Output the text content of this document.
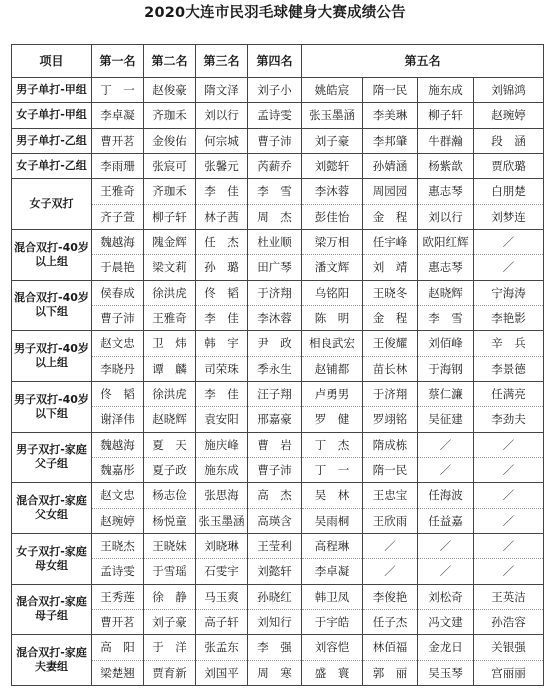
2020大连市民羽毛球健身大赛成绩公告
项目	第一名	第二名	第三名	第四名	第五名			
男子单打-甲组	丁　一	赵俊豪	隋文泽	刘子小	姚皓宸	隋一民	施东成	刘锦鸿
女子单打-甲组	李卓凝	齐珈禾	刘以行	孟诗雯	张玉墨涵	李美琳	柳子轩	赵琬婷
男子单打-乙组	曹开茗	金俊佑	何宗城	曹子沛	刘子豪	李邦肇	牛群瀚	段　涵
女子单打-乙组	李雨珊	张宸可	张馨元	芮薪乔	刘懿轩	孙婧涵	杨紫歆	贾欣璐
女子双打	王雅奇	齐珈禾	李　佳	李　雪	李沐蓉	周园园	惠志琴	白朋楚
	齐子萱	柳子轩	林子茜	周　杰	彭佳怡	金　程	刘以行	刘梦连
混合双打-40岁以上组	魏越海	隗金辉	任　杰	杜业顺	梁万相	任宇峰	欧阳红辉	／
	于晨艳	梁文莉	孙　璐	田广琴	潘文辉	刘　靖	惠志琴	／
混合双打-40岁以下组	侯春成	徐洪虎	佟　韬	于济翔	乌铭阳	王晓冬	赵晓辉	宁海涛
	曹子沛	王雅奇	李　佳	李沐蓉	陈　明	金　程	李　雪	李艳影
男子双打-40岁以上组	赵文忠	卫　炜	韩　宇	尹　政	相良武宏	王俊耀	刘佰峰	辛　兵
	李晓丹	谭　麟	司荣珠	季永生	赵铺都	苗长林	于海钢	李景德
男子双打-40岁以下组	佟　韬	徐洪虎	李　佳	汪子翔	卢勇男	于济翔	蔡仁濂	任满亮
	谢泽伟	赵晓辉	袁安阳	邢嘉豪	罗　健	罗翊铭	吴征建	李劲夫
男子双打-家庭父子组	魏越海	夏　天	施庆峰	曹　岩	丁　杰	隋成栋	／	／
	魏嘉彤	夏子政	施东成	曹子沛	丁　一	隋一民	／	／
混合双打-家庭父女组	赵文忠	杨志俭	张思海	高　杰	吴　林	王忠宝	任海波	／
	赵琬婷	杨悦童	张玉墨涵	高瑛含	吴雨桐	王欣雨	任益嘉	／
女子双打-家庭母女组	王晓杰	王晓妹	刘晓琳	王莹利	高程琳	／	／	／
	孟诗雯	于雪瑶	石雯宇	刘懿轩	李卓凝	／	／	／
混合双打-家庭母子组	王秀莲	徐　静	马玉爽	孙晓红	韩卫凤	李俊艳	刘松奇	王英洁
	曹开茗	刘子豪	高子轩	刘知行	于宇皓	任子杰	冯文建	孙浩容
混合双打-家庭夫妻组	高　阳	于　洋	张孟东	李　强	刘容恺	林佰福	金龙日	关银强
	梁楚翘	贾育新	刘国平	周　寒	盛　寰	郭　丽	吴玉琴	宫丽丽
